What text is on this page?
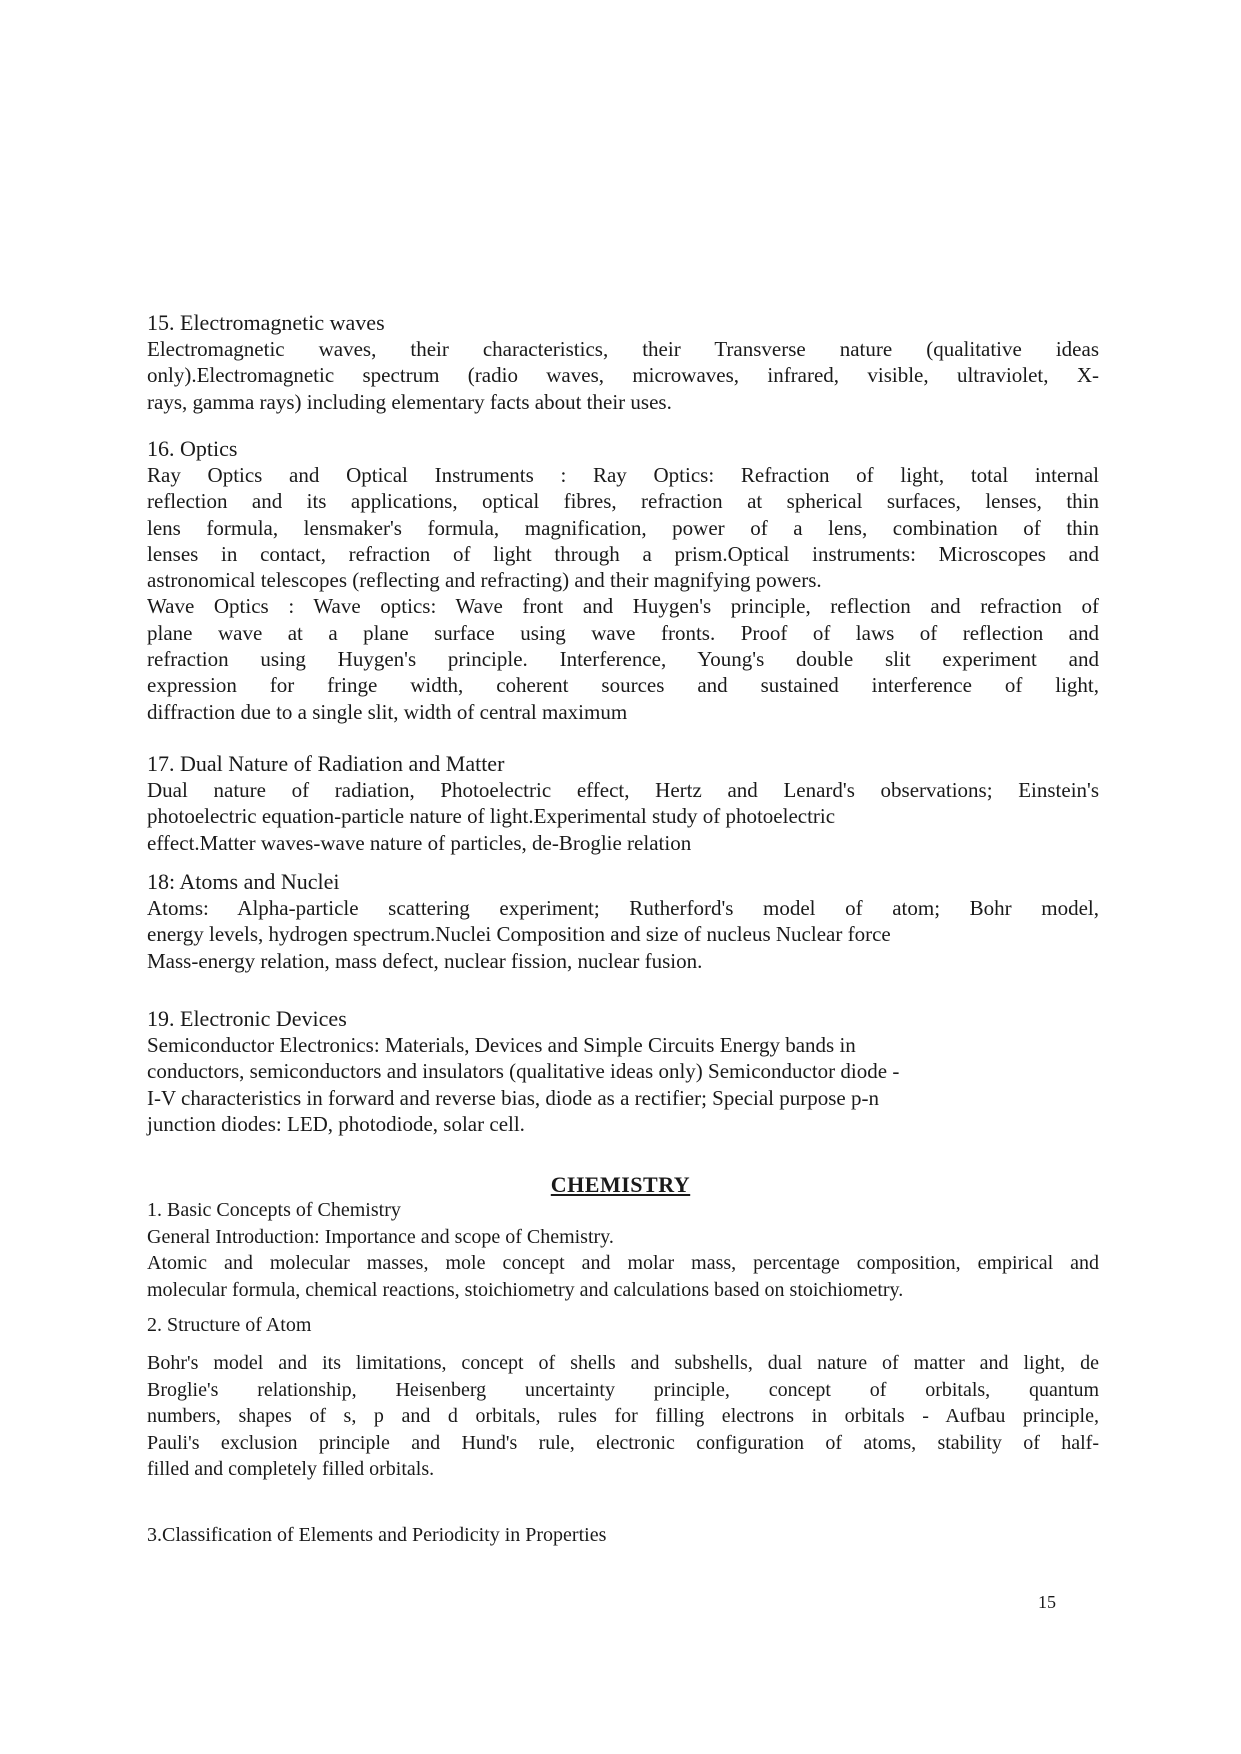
15. Electromagnetic waves
Electromagnetic waves, their characteristics, their Transverse nature (qualitative ideas
only).Electromagnetic spectrum (radio waves, microwaves, infrared, visible, ultraviolet, X-
rays, gamma rays) including elementary facts about their uses.
16. Optics
Ray Optics and Optical Instruments : Ray Optics: Refraction of light, total internal
reflection and its applications, optical fibres, refraction at spherical surfaces, lenses, thin
lens formula, lensmaker's formula, magnification, power of a lens, combination of thin
lenses in contact, refraction of light through a prism.Optical instruments: Microscopes and
astronomical telescopes (reflecting and refracting) and their magnifying powers.
Wave Optics : Wave optics: Wave front and Huygen's principle, reflection and refraction of
plane wave at a plane surface using wave fronts. Proof of laws of reflection and
refraction using Huygen's principle. Interference, Young's double slit experiment and
expression for fringe width, coherent sources and sustained interference of light,
diffraction due to a single slit, width of central maximum
17. Dual Nature of Radiation and Matter
Dual nature of radiation, Photoelectric effect, Hertz and Lenard's observations; Einstein's
photoelectric equation-particle nature of light.Experimental study of photoelectric
effect.Matter waves-wave nature of particles, de-Broglie relation
18: Atoms and Nuclei
Atoms: Alpha-particle scattering experiment; Rutherford's model of atom; Bohr model,
energy levels, hydrogen spectrum.Nuclei Composition and size of nucleus Nuclear force
Mass-energy relation, mass defect, nuclear fission, nuclear fusion.
19. Electronic Devices
Semiconductor Electronics: Materials, Devices and Simple Circuits Energy bands in
conductors, semiconductors and insulators (qualitative ideas only) Semiconductor diode -
I-V characteristics in forward and reverse bias, diode as a rectifier; Special purpose p-n
junction diodes: LED, photodiode, solar cell.
CHEMISTRY
1. Basic Concepts of Chemistry
General Introduction: Importance and scope of Chemistry.
Atomic and molecular masses, mole concept and molar mass, percentage composition, empirical and
molecular formula, chemical reactions, stoichiometry and calculations based on stoichiometry.
2. Structure of Atom
Bohr's model and its limitations, concept of shells and subshells, dual nature of matter and light, de
Broglie's relationship, Heisenberg uncertainty principle, concept of orbitals, quantum
numbers, shapes of s, p and d orbitals, rules for filling electrons in orbitals - Aufbau principle,
Pauli's exclusion principle and Hund's rule, electronic configuration of atoms, stability of half-
filled and completely filled orbitals.
3.Classification of Elements and Periodicity in Properties
15
